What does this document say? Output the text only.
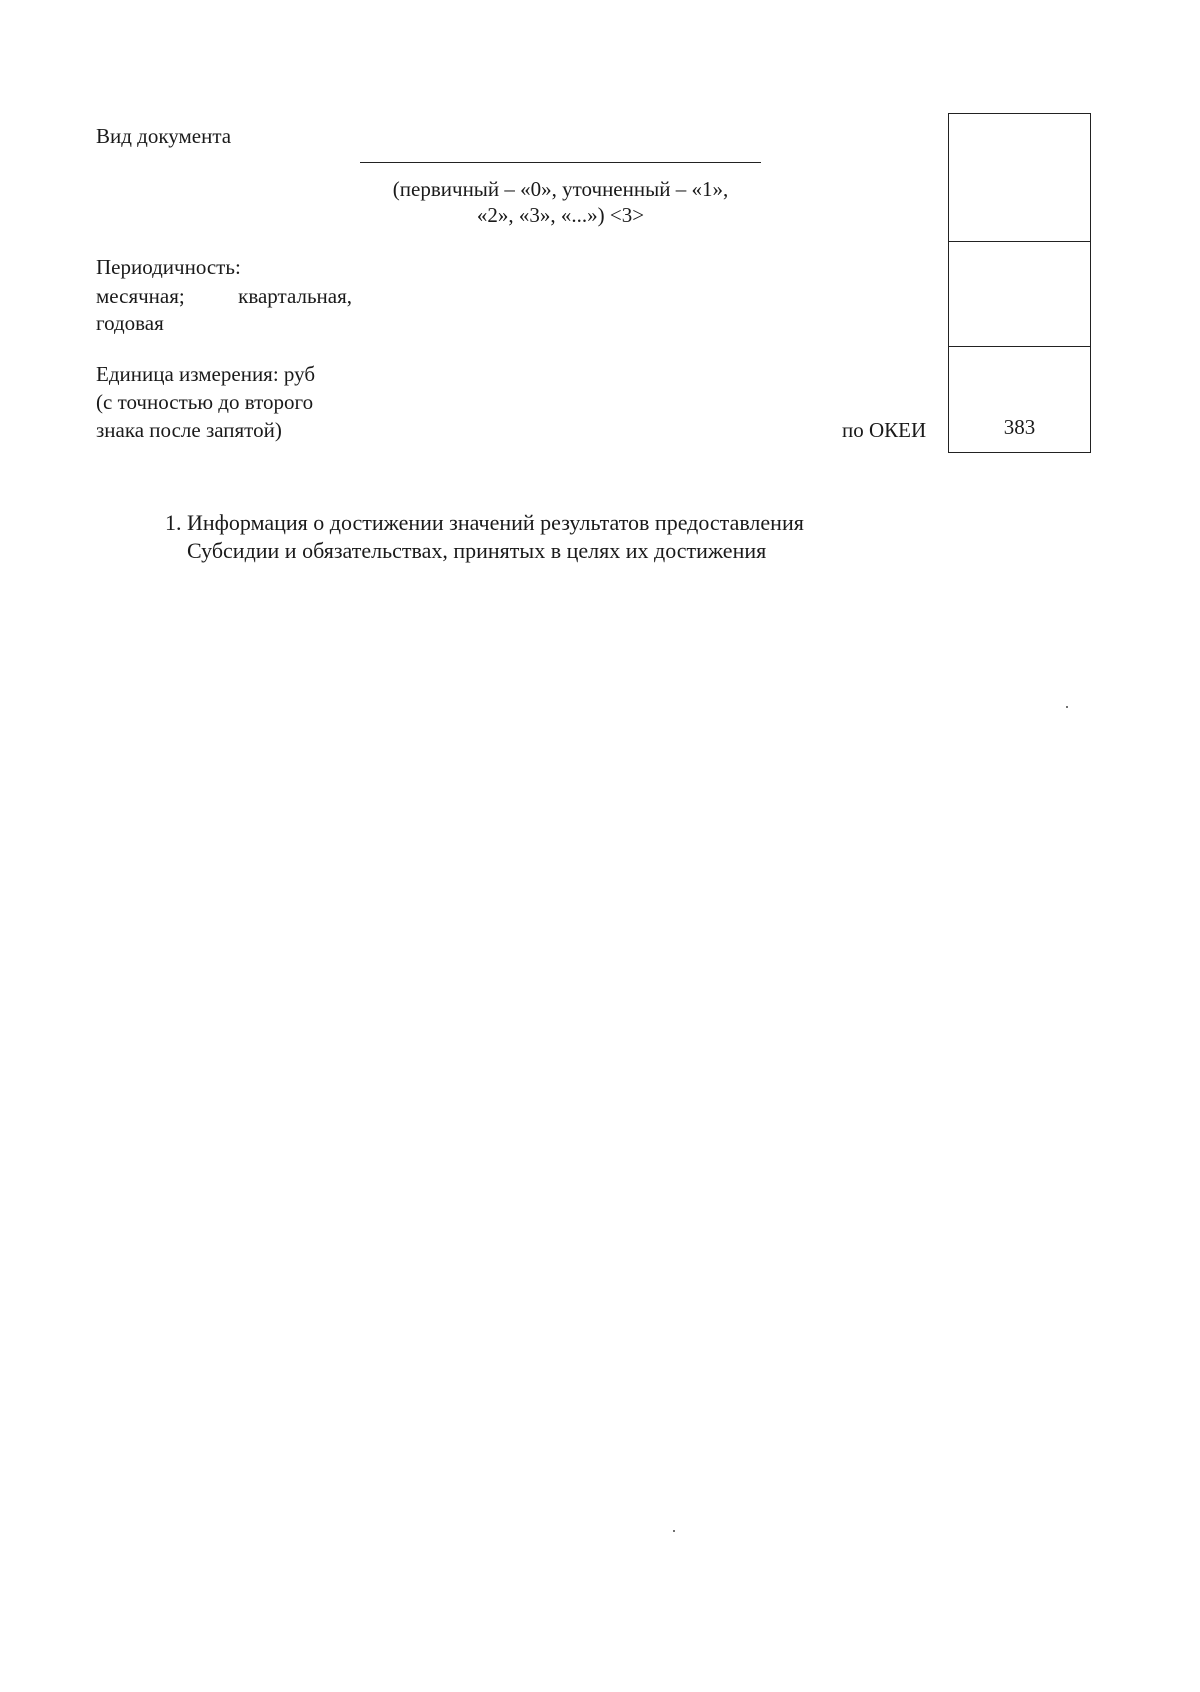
Вид документа
(первичный – «0», уточненный – «1»,
«2», «3», «...») <3>
Периодичность:
месячная;	квартальная,
годовая
Единица измерения: руб
(с точностью до второго
знака после запятой)	по ОКЕИ	383
1. Информация о достижении значений результатов предоставления
Субсидии и обязательствах, принятых в целях их достижения
